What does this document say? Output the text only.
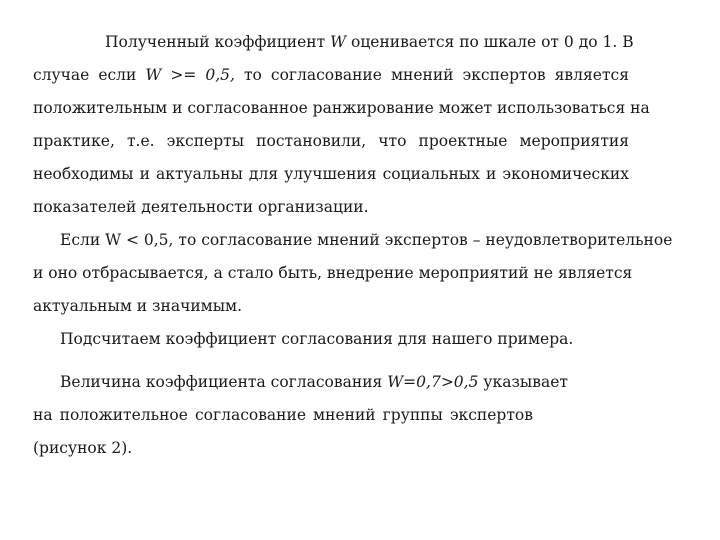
Полученный коэффициент W оценивается по шкале от 0 до 1. В
случае если W >= 0,5, то согласование мнений экспертов является
положительным и согласованное ранжирование может использоваться на
практике, т.е. эксперты постановили, что проектные мероприятия
необходимы и актуальны для улучшения социальных и экономических
показателей деятельности организации.
Если W < 0,5, то согласование мнений экспертов – неудовлетворительное
и оно отбрасывается, а стало быть, внедрение мероприятий не является
актуальным и значимым.
Подсчитаем коэффициент согласования для нашего примера.
Величина коэффициента согласования W=0,7>0,5 указывает
на положительное согласование мнений группы экспертов
(рисунок 2).
